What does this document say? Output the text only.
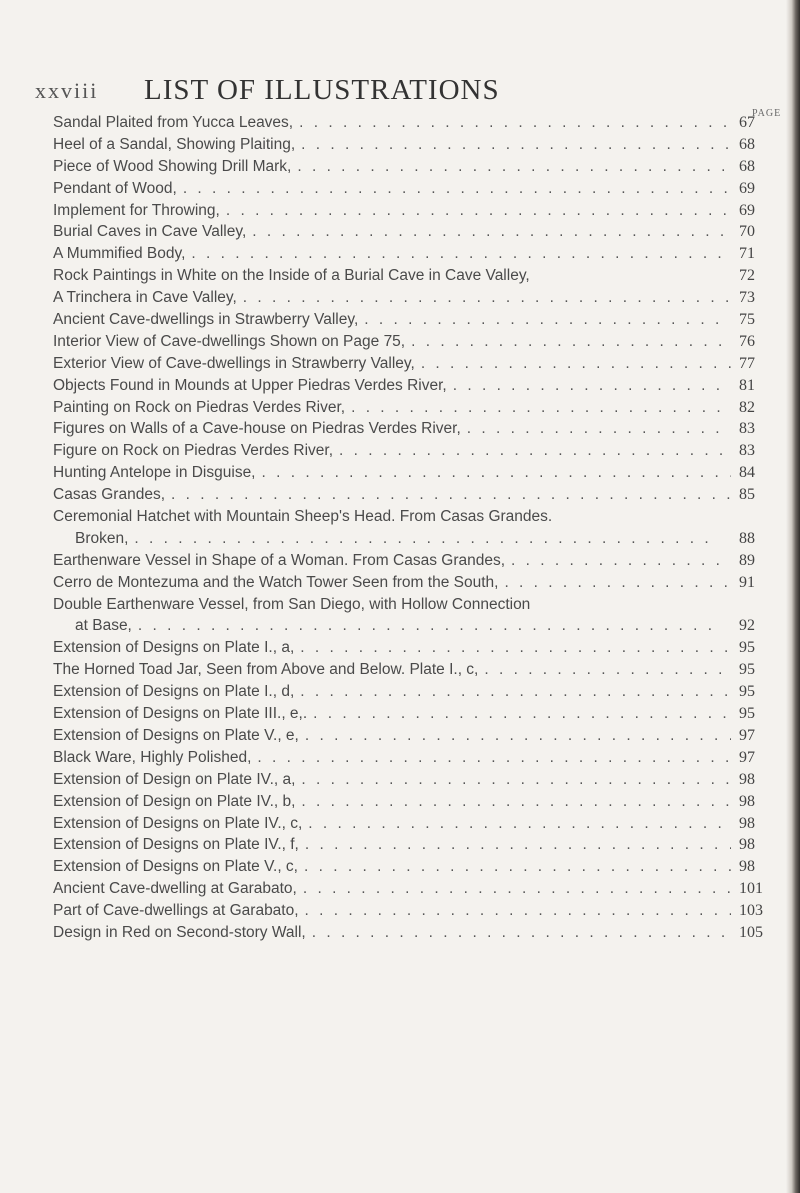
xxviii LIST OF ILLUSTRATIONS
PAGE
Sandal Plaited from Yucca Leaves, . . .	67
Heel of a Sandal, Showing Plaiting, . . .	68
Piece of Wood Showing Drill Mark, . . .	68
Pendant of Wood, . . .	69
Implement for Throwing, . . .	69
Burial Caves in Cave Valley, . . .	70
A Mummified Body, . . .	71
Rock Paintings in White on the Inside of a Burial Cave in Cave Valley,	72
A Trinchera in Cave Valley, . . .	73
Ancient Cave-dwellings in Strawberry Valley, . . .	75
Interior View of Cave-dwellings Shown on Page 75, . . .	76
Exterior View of Cave-dwellings in Strawberry Valley, . . .	77
Objects Found in Mounds at Upper Piedras Verdes River, . . .	81
Painting on Rock on Piedras Verdes River, . . .	82
Figures on Walls of a Cave-house on Piedras Verdes River, . . .	83
Figure on Rock on Piedras Verdes River, . . .	83
Hunting Antelope in Disguise, . . .	84
Casas Grandes, . . .	85
Ceremonial Hatchet with Mountain Sheep's Head. From Casas Grandes.
Broken, . . .	88
Earthenware Vessel in Shape of a Woman. From Casas Grandes, . . .	89
Cerro de Montezuma and the Watch Tower Seen from the South, . . .	91
Double Earthenware Vessel, from San Diego, with Hollow Connection
at Base, . . .	92
Extension of Designs on Plate I., a, . . .	95
The Horned Toad Jar, Seen from Above and Below. Plate I., c, . . .	95
Extension of Designs on Plate I., d, . . .	95
Extension of Designs on Plate III., e,. . . .	95
Extension of Designs on Plate V., e, . . .	97
Black Ware, Highly Polished, . . .	97
Extension of Design on Plate IV., a, . . .	98
Extension of Design on Plate IV., b, . . .	98
Extension of Designs on Plate IV., c, . . .	98
Extension of Designs on Plate IV., f, . . .	98
Extension of Designs on Plate V., c, . . .	98
Ancient Cave-dwelling at Garabato, . . .	101
Part of Cave-dwellings at Garabato, . . .	103
Design in Red on Second-story Wall, . . .	105
